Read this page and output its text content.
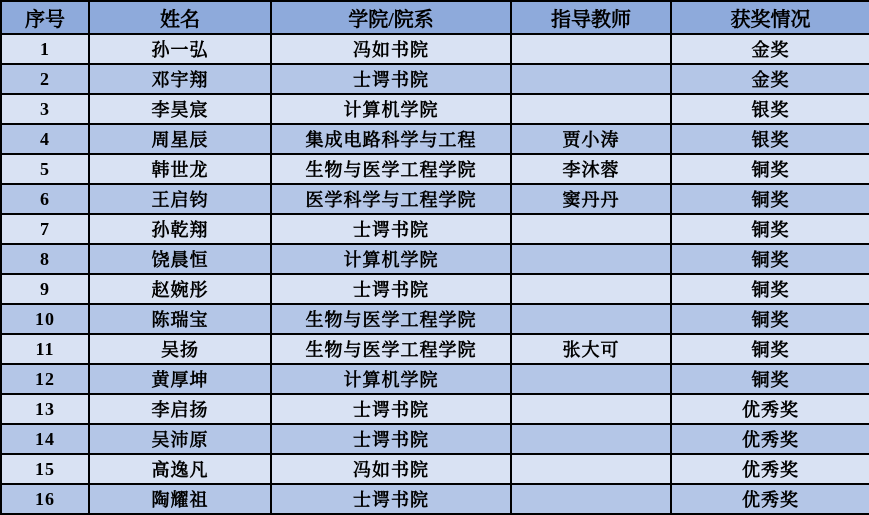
序号	姓名	学院/院系	指导教师	获奖情况
1	孙一弘	冯如书院		金奖
2	邓宇翔	士谔书院		金奖
3	李昊宸	计算机学院		银奖
4	周星辰	集成电路科学与工程	贾小涛	银奖
5	韩世龙	生物与医学工程学院	李沐蓉	铜奖
6	王启钧	医学科学与工程学院	窦丹丹	铜奖
7	孙乾翔	士谔书院		铜奖
8	饶晨恒	计算机学院		铜奖
9	赵婉彤	士谔书院		铜奖
10	陈瑞宝	生物与医学工程学院		铜奖
11	吴扬	生物与医学工程学院	张大可	铜奖
12	黄厚坤	计算机学院		铜奖
13	李启扬	士谔书院		优秀奖
14	吴沛原	士谔书院		优秀奖
15	高逸凡	冯如书院		优秀奖
16	陶耀祖	士谔书院		优秀奖
